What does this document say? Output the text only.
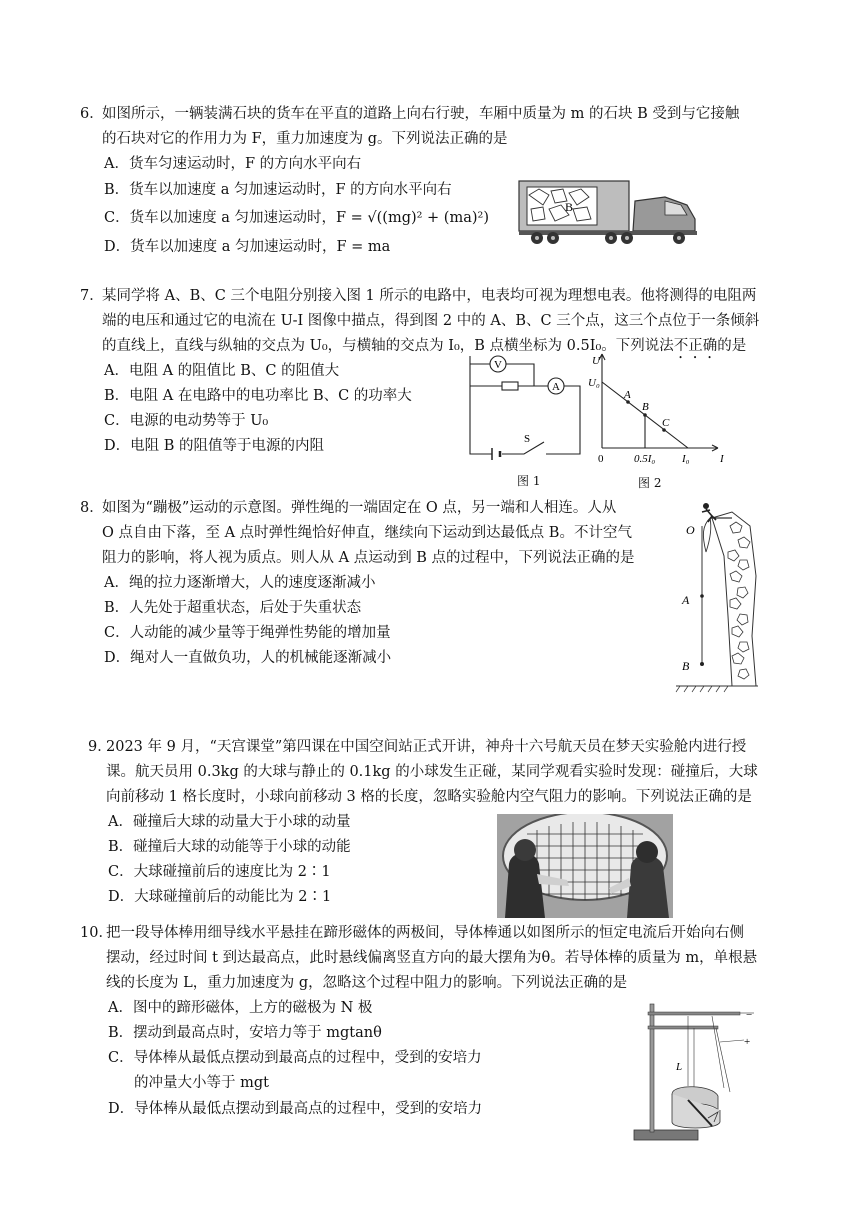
6．
如图所示，一辆装满石块的货车在平直的道路上向右行驶，车厢中质量为 m 的石块 B 受到与它接触
的石块对它的作用力为 F，重力加速度为 g。下列说法正确的是
A．货车匀速运动时，F 的方向水平向右
B．货车以加速度 a 匀加速运动时，F 的方向水平向右
C．货车以加速度 a 匀加速运动时，F = √((mg)² + (ma)²)
D．货车以加速度 a 匀加速运动时，F = ma
B
7．
某同学将 A、B、C 三个电阻分别接入图 1 所示的电路中，电表均可视为理想电表。他将测得的电阻两
端的电压和通过它的电流在 U-I 图像中描点，得到图 2 中的 A、B、C 三个点，这三个点位于一条倾斜
的直线上，直线与纵轴的交点为 U₀，与横轴的交点为 I₀，B 点横坐标为 0.5I₀。下列说法不正确的是
A．电阻 A 的阻值比 B、C 的阻值大
B．电阻 A 在电路中的电功率比 B、C 的功率大
C．电源的电动势等于 U₀
D．电阻 B 的阻值等于电源的内阻
V
A
S
图 1
U
I
U₀
A
B
C
0.5I₀ I₀
0
图 2
8．
如图为“蹦极”运动的示意图。弹性绳的一端固定在 O 点，另一端和人相连。人从
O 点自由下落，至 A 点时弹性绳恰好伸直，继续向下运动到达最低点 B。不计空气
阻力的影响，将人视为质点。则人从 A 点运动到 B 点的过程中，下列说法正确的是
A．绳的拉力逐渐增大，人的速度逐渐减小
B．人先处于超重状态，后处于失重状态
C．人动能的减少量等于绳弹性势能的增加量
D．绳对人一直做负功，人的机械能逐渐减小
O
A
B
9．
2023 年 9 月，“天宫课堂”第四课在中国空间站正式开讲，神舟十六号航天员在梦天实验舱内进行授
课。航天员用 0.3kg 的大球与静止的 0.1kg 的小球发生正碰，某同学观看实验时发现：碰撞后，大球
向前移动 1 格长度时，小球向前移动 3 格的长度，忽略实验舱内空气阻力的影响。下列说法正确的是
A．碰撞后大球的动量大于小球的动量
B．碰撞后大球的动能等于小球的动能
C．大球碰撞前后的速度比为 2∶1
D．大球碰撞前后的动能比为 2∶1
10．
把一段导体棒用细导线水平悬挂在蹄形磁体的两极间，导体棒通以如图所示的恒定电流后开始向右侧
摆动，经过时间 t 到达最高点，此时悬线偏离竖直方向的最大摆角为θ。若导体棒的质量为 m，单根悬
线的长度为 L，重力加速度为 g，忽略这个过程中阻力的影响。下列说法正确的是
A．图中的蹄形磁体，上方的磁极为 N 极
B．摆动到最高点时，安培力等于 mgtanθ
C．导体棒从最低点摆动到最高点的过程中，受到的安培力
的冲量大小等于 mgt
D．导体棒从最低点摆动到最高点的过程中，受到的安培力
L
−
+
